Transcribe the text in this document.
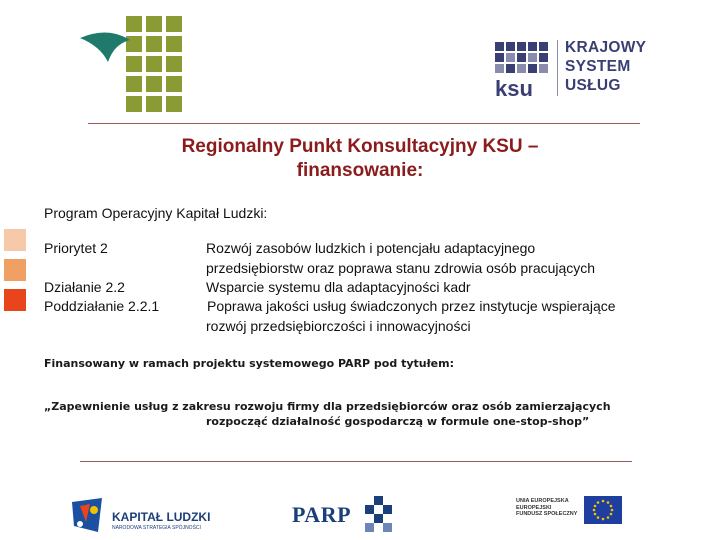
ksu
KRAJOWY
SYSTEM
USŁUG
Regionalny Punkt Konsultacyjny KSU –
finansowanie:
Program Operacyjny Kapitał Ludzki:
Priorytet 2	Rozwój zasobów ludzkich i potencjału adaptacyjnego
przedsiębiorstw oraz poprawa stanu zdrowia osób pracujących
Działanie 2.2	Wsparcie systemu dla adaptacyjności kadr
Poddziałanie 2.2.1	Poprawa jakości usług świadczonych przez instytucje wspierające
rozwój przedsiębiorczości i innowacyjności
Finansowany w ramach projektu systemowego PARP pod tytułem:
„Zapewnienie usług z zakresu rozwoju firmy dla przedsiębiorców oraz osób zamierzających
rozpocząć działalność gospodarczą w formule one-stop-shop”
KAPITAŁ LUDZKI
NARODOWA STRATEGIA SPÓJNOŚCI
PARP
UNIA EUROPEJSKA
EUROPEJSKI
FUNDUSZ SPOŁECZNY
